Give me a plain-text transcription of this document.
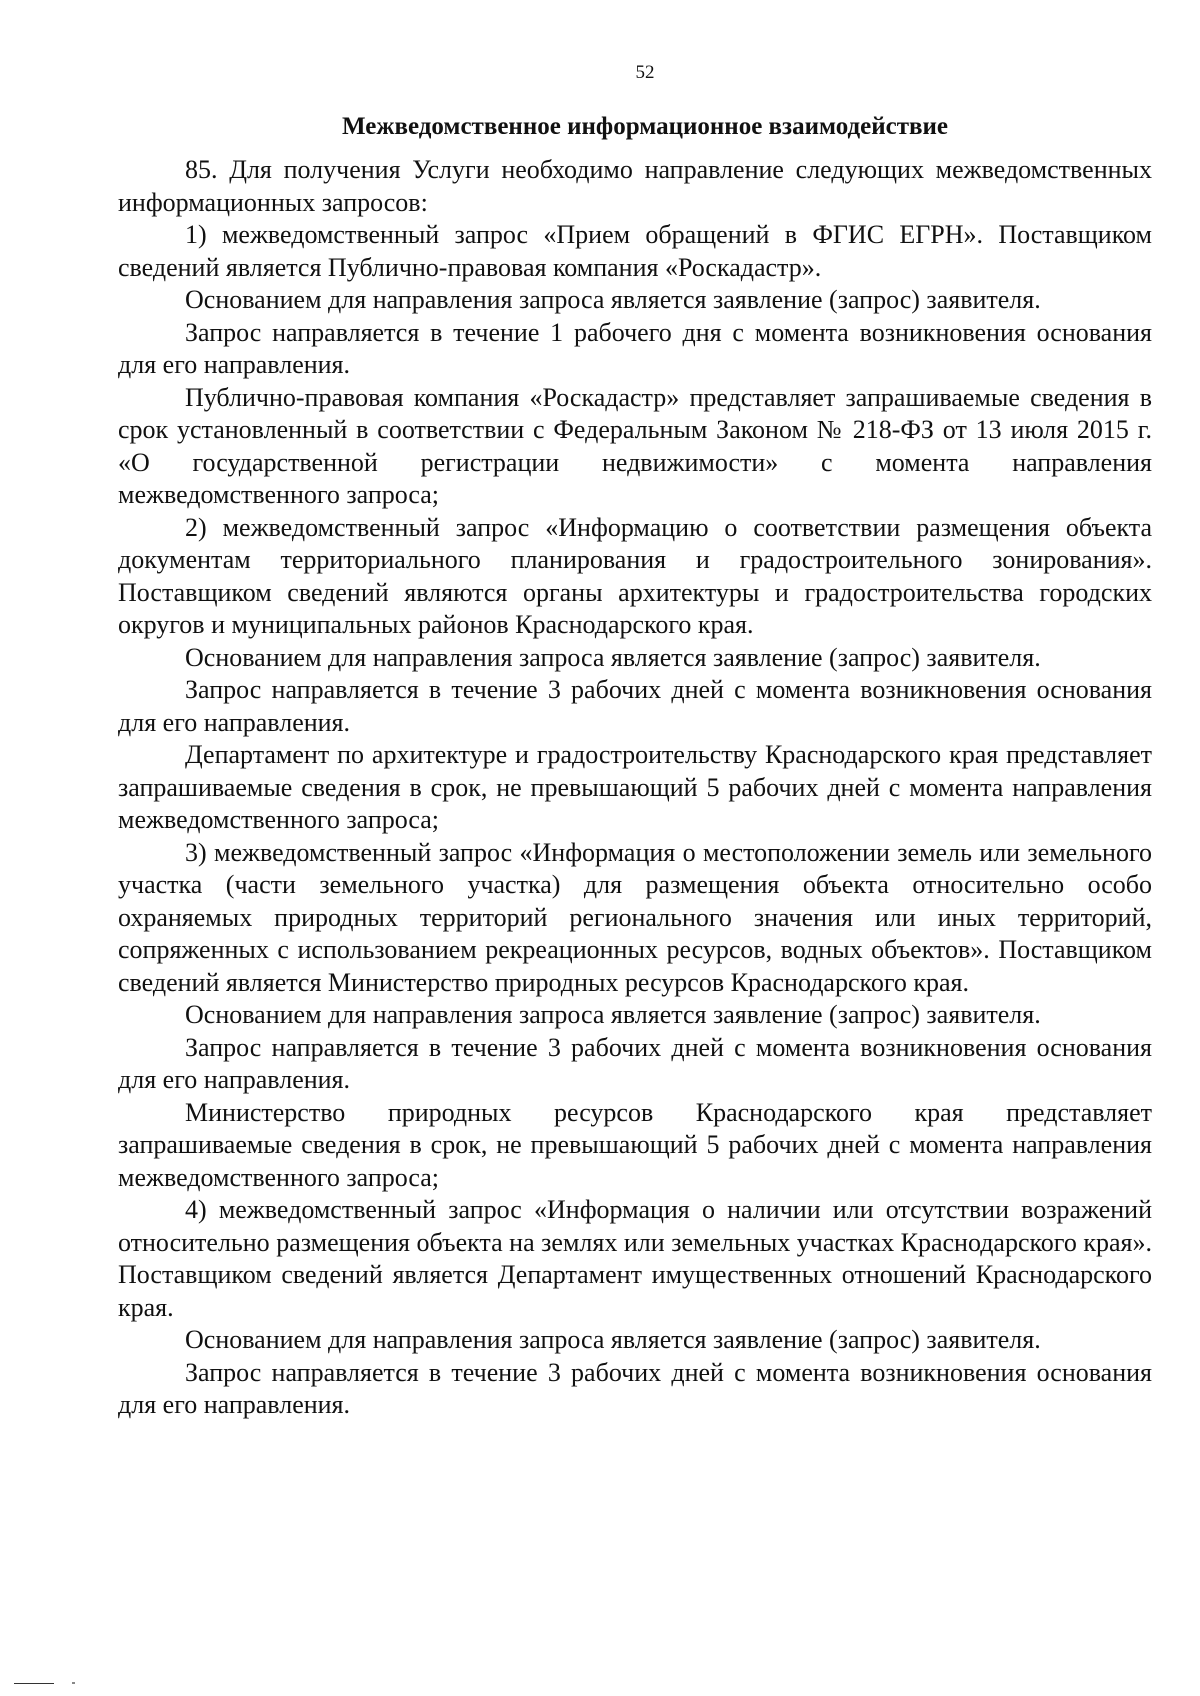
52
Межведомственное информационное взаимодействие

85. Для получения Услуги необходимо направление следующих межведомственных информационных запросов:

1) межведомственный запрос «Прием обращений в ФГИС ЕГРН». Поставщиком сведений является Публично-правовая компания «Роскадастр».

Основанием для направления запроса является заявление (запрос) заявителя.

Запрос направляется в течение 1 рабочего дня с момента возникновения основания для его направления.

Публично-правовая компания «Роскадастр» представляет запрашиваемые сведения в срок установленный в соответствии с Федеральным Законом № 218-ФЗ от 13 июля 2015 г. «О государственной регистрации недвижимости» с момента направления межведомственного запроса;

2) межведомственный запрос «Информацию о соответствии размещения объекта документам территориального планирования и градостроительного зонирования». Поставщиком сведений являются органы архитектуры и градостроительства городских округов и муниципальных районов Краснодарского края.

Основанием для направления запроса является заявление (запрос) заявителя.

Запрос направляется в течение 3 рабочих дней с момента возникновения основания для его направления.

Департамент по архитектуре и градостроительству Краснодарского края представляет запрашиваемые сведения в срок, не превышающий 5 рабочих дней с момента направления межведомственного запроса;

3) межведомственный запрос «Информация о местоположении земель или земельного участка (части земельного участка) для размещения объекта относительно особо охраняемых природных территорий регионального значения или иных территорий, сопряженных с использованием рекреационных ресурсов, водных объектов». Поставщиком сведений является Министерство природных ресурсов Краснодарского края.

Основанием для направления запроса является заявление (запрос) заявителя.

Запрос направляется в течение 3 рабочих дней с момента возникновения основания для его направления.

Министерство природных ресурсов Краснодарского края представляет запрашиваемые сведения в срок, не превышающий 5 рабочих дней с момента направления межведомственного запроса;

4) межведомственный запрос «Информация о наличии или отсутствии возражений относительно размещения объекта на землях или земельных участках Краснодарского края». Поставщиком сведений является Департамент имущественных отношений Краснодарского края.

Основанием для направления запроса является заявление (запрос) заявителя.

Запрос направляется в течение 3 рабочих дней с момента возникновения основания для его направления.
